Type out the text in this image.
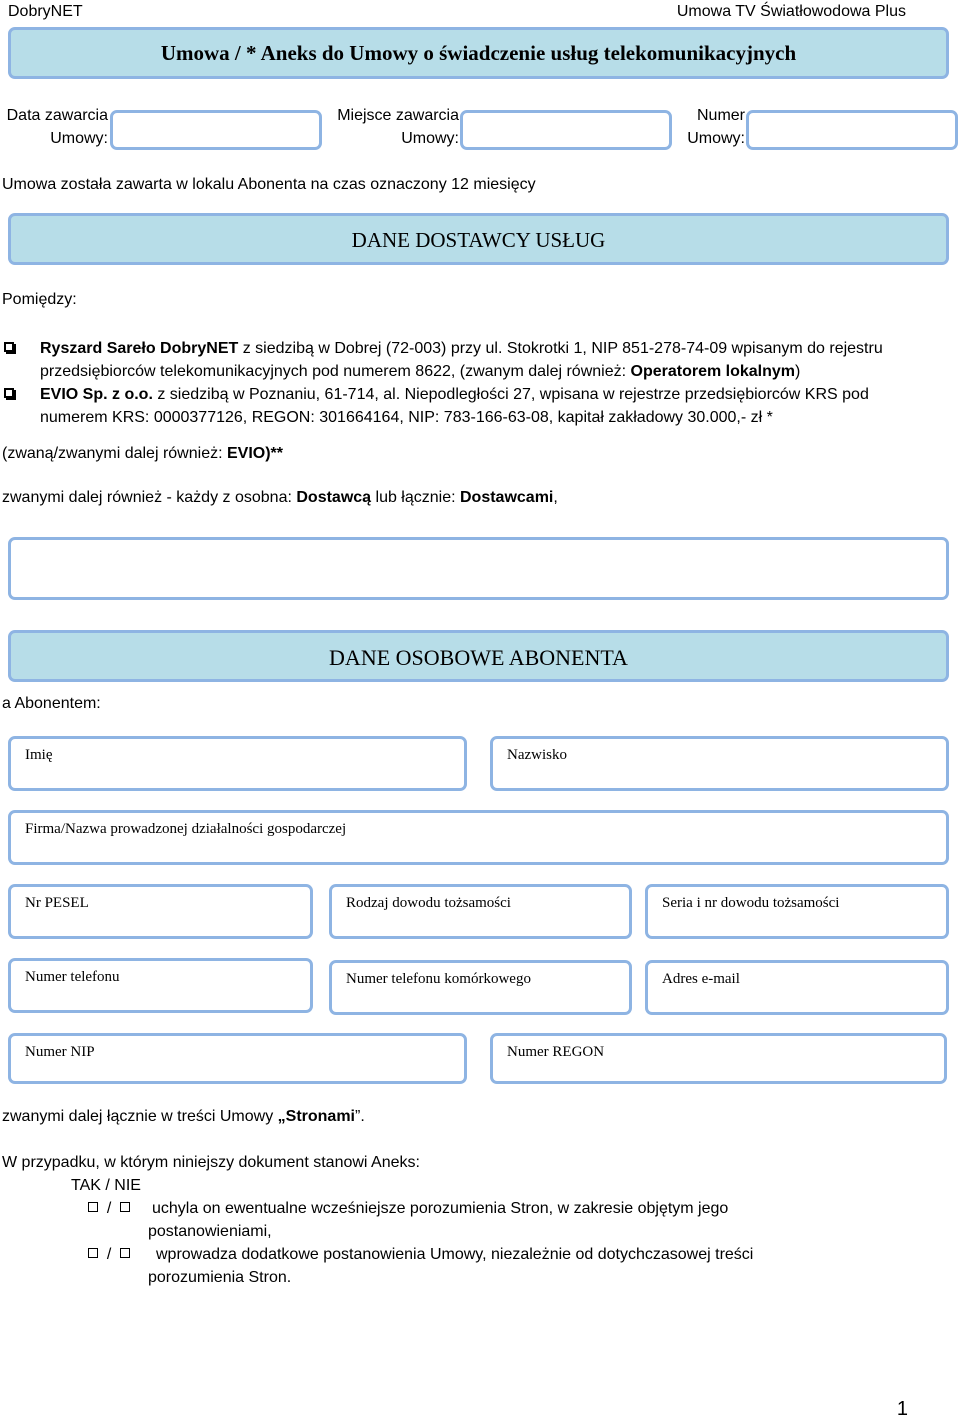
DobryNET	Umowa TV Światłowodowa Plus
Umowa / * Aneks do Umowy o świadczenie usług telekomunikacyjnych
Data zawarcia
Umowy:
Miejsce zawarcia
Umowy:
Numer
Umowy:
Umowa została zawarta w lokalu Abonenta na czas oznaczony 12 miesięcy
DANE DOSTAWCY USŁUG
Pomiędzy:
Ryszard Sareło DobryNET z siedzibą w Dobrej (72-003) przy ul. Stokrotki 1, NIP 851-278-74-09 wpisanym do rejestru przedsiębiorców telekomunikacyjnych pod numerem 8622, (zwanym dalej również: Operatorem lokalnym)
EVIO Sp. z o.o. z siedzibą w Poznaniu, 61-714, al. Niepodległości 27, wpisana w rejestrze przedsiębiorców KRS pod numerem KRS: 0000377126, REGON: 301664164, NIP: 783-166-63-08, kapitał zakładowy 30.000,- zł *
(zwaną/zwanymi dalej również: EVIO)**
zwanymi dalej również - każdy z osobna: Dostawcą lub łącznie: Dostawcami,
DANE OSOBOWE ABONENTA
a Abonentem:
Imię	Nazwisko
Firma/Nazwa prowadzonej działalności gospodarczej
Nr PESEL	Rodzaj dowodu tożsamości	Seria i nr dowodu tożsamości
Numer telefonu	Numer telefonu komórkowego	Adres e-mail
Numer NIP	Numer REGON
zwanymi dalej łącznie w treści Umowy „Stronami”.
W przypadku, w którym niniejszy dokument stanowi Aneks:
TAK / NIE
/	uchyla on ewentualne wcześniejsze porozumienia Stron, w zakresie objętym jego
postanowieniami,
/	wprowadza dodatkowe postanowienia Umowy, niezależnie od dotychczasowej treści
porozumienia Stron.
1
